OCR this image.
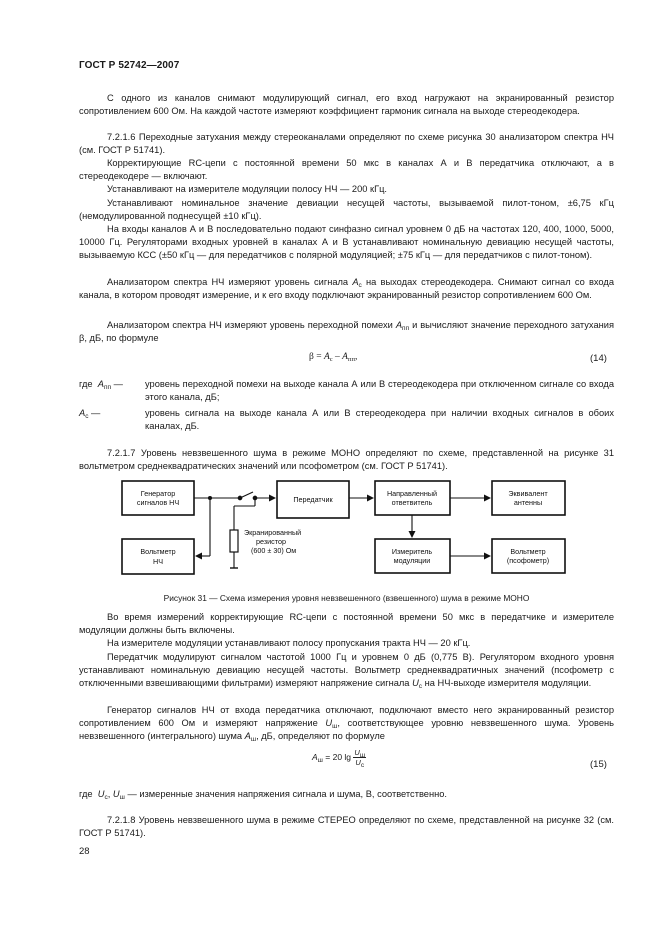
ГОСТ Р 52742—2007

С одного из каналов снимают модулирующий сигнал, его вход нагружают на экранированный резистор сопротивлением 600 Ом. На каждой частоте измеряют коэффициент гармоник сигнала на выходе стереодекодера.

7.2.1.6 Переходные затухания между стереоканалами определяют по схеме рисунка 30 анализатором спектра НЧ (см. ГОСТ Р 51741).

Корректирующие RC-цепи с постоянной времени 50 мкс в каналах А и В передатчика отключают, а в стереодекодере — включают.

Устанавливают на измерителе модуляции полосу НЧ — 200 кГц.

Устанавливают номинальное значение девиации несущей частоты, вызываемой пилот-тоном, ±6,75 кГц (немодулированной поднесущей ±10 кГц).

На входы каналов А и В последовательно подают синфазно сигнал уровнем 0 дБ на частотах 120, 400, 1000, 5000, 10000 Гц. Регуляторами входных уровней в каналах А и В устанавливают номинальную девиацию несущей частоты, вызываемую КСС (±50 кГц — для передатчиков с полярной модуляцией; ±75 кГц — для передатчиков с пилот-тоном).

Анализатором спектра НЧ измеряют уровень сигнала $A_с$ на выходах стереодекодера. Снимают сигнал со входа канала, в котором проводят измерение, и к его входу подключают экранированный резистор сопротивлением 600 Ом.

Анализатором спектра НЧ измеряют уровень переходной помехи $A_{пп}$ и вычисляют значение переходного затухания β, дБ, по формуле

$\beta = A_с - A_{пп}$,	(14)
где $A_{пп}$ — уровень переходной помехи на выходе канала А или В стереодекодера при отключенном сигнале со входа этого канала, дБ;
$A_с$ —	уровень сигнала на выходе канала А или В стереодекодера при наличии входных сигналов в обоих каналах, дБ.

7.2.1.7 Уровень невзвешенного шума в режиме МОНО определяют по схеме, представленной на рисунке 31 вольтметром среднеквадратических значений или псофометром (см. ГОСТ Р 51741).

Генератор
сигналов НЧ	Передатчик
Направленный
ответвитель
Эквивалент
антенны
Вольтметр
НЧ
Измеритель
модуляции
Вольтметр
(псофометр)
Экранированный
резистор
(600 ± 30) Ом
Рисунок 31 — Схема измерения уровня невзвешенного (взвешенного) шума в режиме МОНО

Во время измерений корректирующие RC-цепи с постоянной времени 50 мкс в передатчике и измерителе модуляции должны быть включены.

На измерителе модуляции устанавливают полосу пропускания тракта НЧ — 20 кГц.

Передатчик модулируют сигналом частотой 1000 Гц и уровнем 0 дБ (0,775 В). Регулятором входного уровня устанавливают номинальную девиацию несущей частоты. Вольтметр среднеквадратичных значений (псофометр с отключенными взвешивающими фильтрами) измеряют напряжение сигнала $U_с$ на НЧ-выходе измерителя модуляции.

Генератор сигналов НЧ от входа передатчика отключают, подключают вместо него экранированный резистор сопротивлением 600 Ом и измеряют напряжение $U_ш$, соответствующее уровню невзвешенного шума. Уровень невзвешенного (интегрального) шума $A_ш$, дБ, определяют по формуле

$A_ш = 20$ $\lg \frac{U_ш}{U_с}$	(15)
где $U_с$, $U_ш$ — измеренные значения напряжения сигнала и шума, В, соответственно.

7.2.1.8 Уровень невзвешенного шума в режиме СТЕРЕО определяют по схеме, представленной на рисунке 32 (см. ГОСТ Р 51741).

28
